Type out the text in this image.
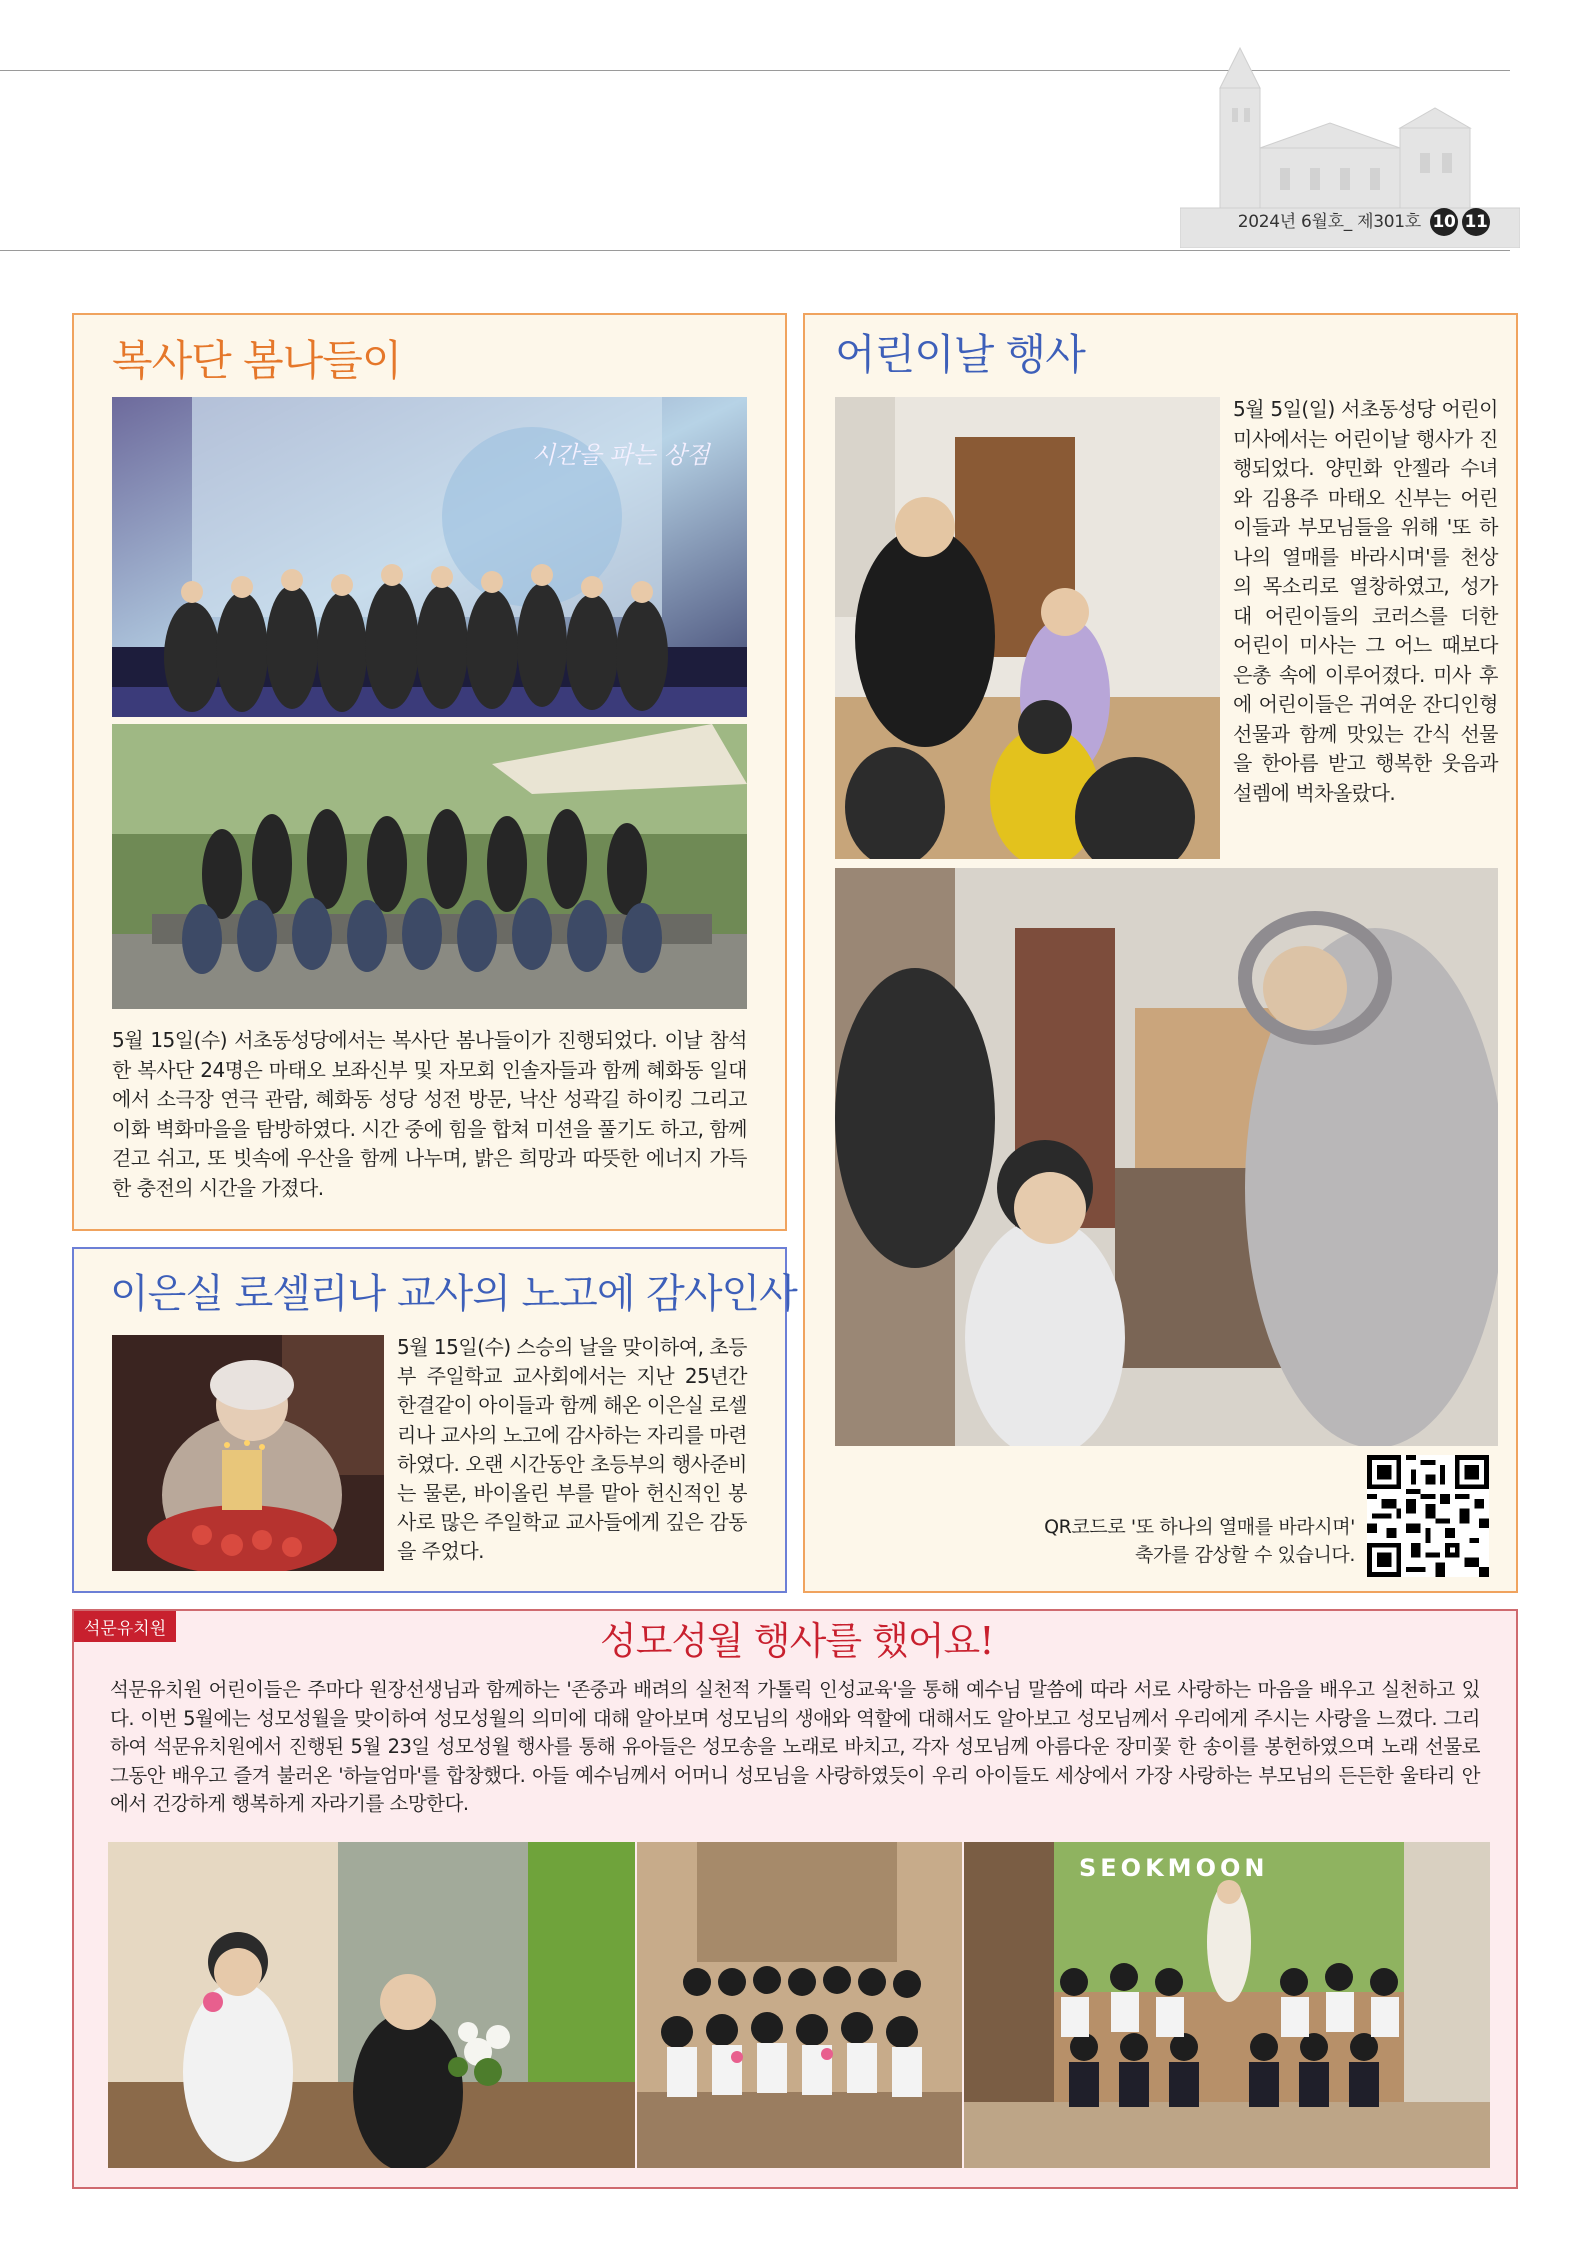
2024년 6월호_ 제301호 10 11
복사단 봄나들이
시간을 파는 상점
5월 15일(수) 서초동성당에서는 복사단 봄나들이가 진행되었다. 이날 참석한 복사단 24명은 마태오 보좌신부 및 자모회 인솔자들과 함께 혜화동 일대에서 소극장 연극 관람, 혜화동 성당 성전 방문, 낙산 성곽길 하이킹 그리고 이화 벽화마을을 탐방하였다. 시간 중에 힘을 합쳐 미션을 풀기도 하고, 함께 걷고 쉬고, 또 빗속에 우산을 함께 나누며, 밝은 희망과 따뜻한 에너지 가득한 충전의 시간을 가졌다.
어린이날 행사
5월 5일(일) 서초동성당 어린이 미사에서는 어린이날 행사가 진행되었다. 양민화 안젤라 수녀와 김용주 마태오 신부는 어린이들과 부모님들을 위해 '또 하나의 열매를 바라시며'를 천상의 목소리로 열창하였고, 성가대 어린이들의 코러스를 더한 어린이 미사는 그 어느 때보다 은총 속에 이루어졌다. 미사 후에 어린이들은 귀여운 잔디인형 선물과 함께 맛있는 간식 선물을 한아름 받고 행복한 웃음과 설렘에 벅차올랐다.
QR코드로 '또 하나의 열매를 바라시며'
축가를 감상할 수 있습니다.
이은실 로셀리나 교사의 노고에 감사인사
5월 15일(수) 스승의 날을 맞이하여, 초등부 주일학교 교사회에서는 지난 25년간 한결같이 아이들과 함께 해온 이은실 로셀리나 교사의 노고에 감사하는 자리를 마련하였다. 오랜 시간동안 초등부의 행사준비는 물론, 바이올린 부를 맡아 헌신적인 봉사로 많은 주일학교 교사들에게 깊은 감동을 주었다.
석문유치원	성모성월 행사를 했어요!
석문유치원 어린이들은 주마다 원장선생님과 함께하는 '존중과 배려의 실천적 가톨릭 인성교육'을 통해 예수님 말씀에 따라 서로 사랑하는 마음을 배우고 실천하고 있다. 이번 5월에는 성모성월을 맞이하여 성모성월의 의미에 대해 알아보며 성모님의 생애와 역할에 대해서도 알아보고 성모님께서 우리에게 주시는 사랑을 느꼈다. 그리하여 석문유치원에서 진행된 5월 23일 성모성월 행사를 통해 유아들은 성모송을 노래로 바치고, 각자 성모님께 아름다운 장미꽃 한 송이를 봉헌하였으며 노래 선물로 그동안 배우고 즐겨 불러온 '하늘엄마'를 합창했다. 아들 예수님께서 어머니 성모님을 사랑하였듯이 우리 아이들도 세상에서 가장 사랑하는 부모님의 든든한 울타리 안에서 건강하게 행복하게 자라기를 소망한다.
SEOKMOON
